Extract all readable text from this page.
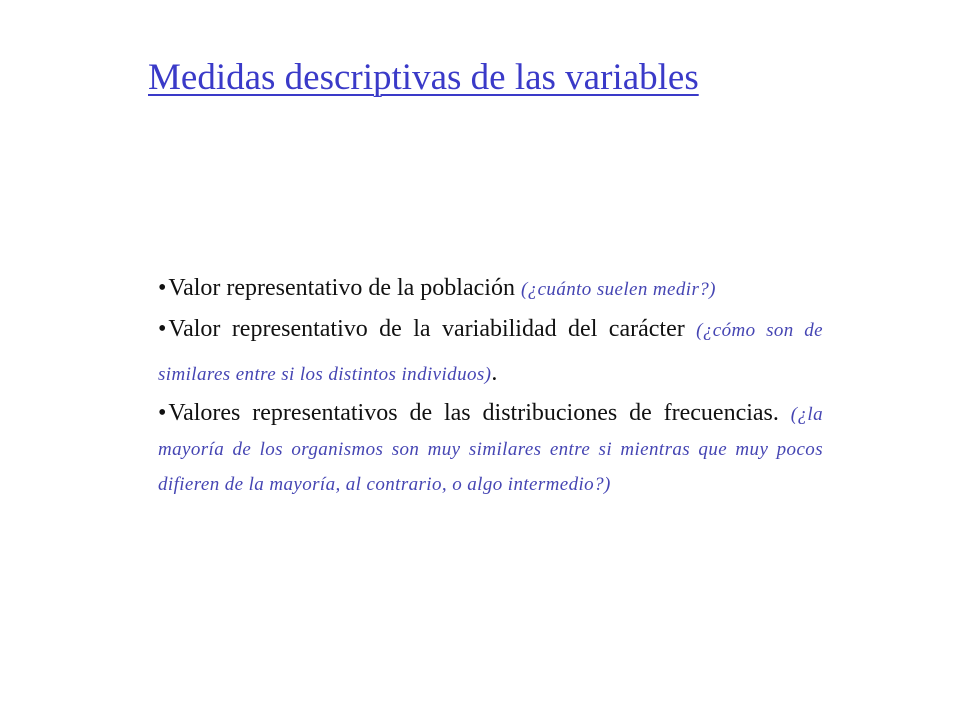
Medidas descriptivas de las variables

•Valor representativo de la población (¿cuánto suelen medir?)

•Valor representativo de la variabilidad del carácter (¿cómo son de similares entre si los distintos individuos).

•Valores representativos de las distribuciones de frecuencias. (¿la mayoría de los organismos son muy similares entre si mientras que muy pocos difieren de la mayoría, al contrario, o algo intermedio?)
